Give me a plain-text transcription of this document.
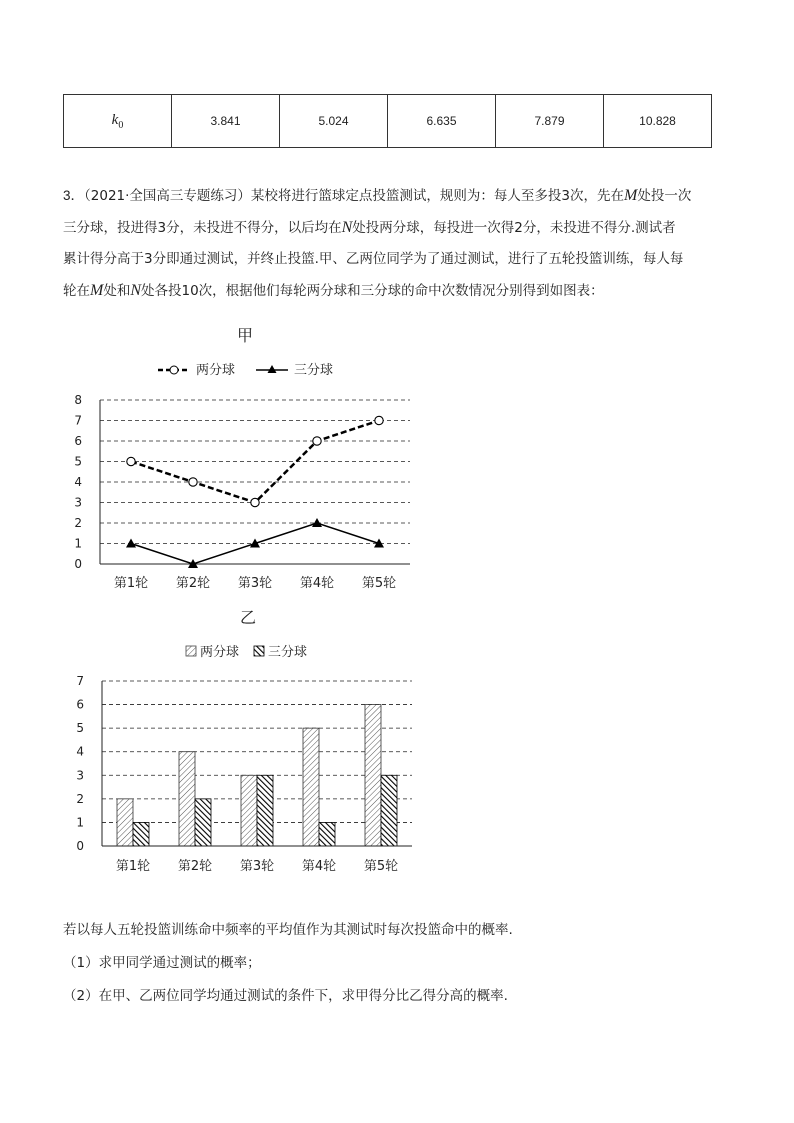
$k_0$	3.841	5.024	6.635	7.879	10.828
3．（2021·全国高三专题练习）某校将进行篮球定点投篮测试，规则为：每人至多投3次，先在M处投一次
三分球，投进得3分，未投进不得分，以后均在N处投两分球，每投进一次得2分，未投进不得分.测试者
累计得分高于3分即通过测试，并终止投篮.甲、乙两位同学为了通过测试，进行了五轮投篮训练，每人每
轮在M处和N处各投10次，根据他们每轮两分球和三分球的命中次数情况分别得到如图表：
甲
两分球	三分球
0
1
2
3
4
5
6
7
8
第1轮 第2轮 第3轮 第4轮 第5轮
乙
两分球 三分球
0
1
2
3
4
5
6
7
第1轮 第2轮 第3轮 第4轮 第5轮

若以每人五轮投篮训练命中频率的平均值作为其测试时每次投篮命中的概率.

（1）求甲同学通过测试的概率；

（2）在甲、乙两位同学均通过测试的条件下，求甲得分比乙得分高的概率.
